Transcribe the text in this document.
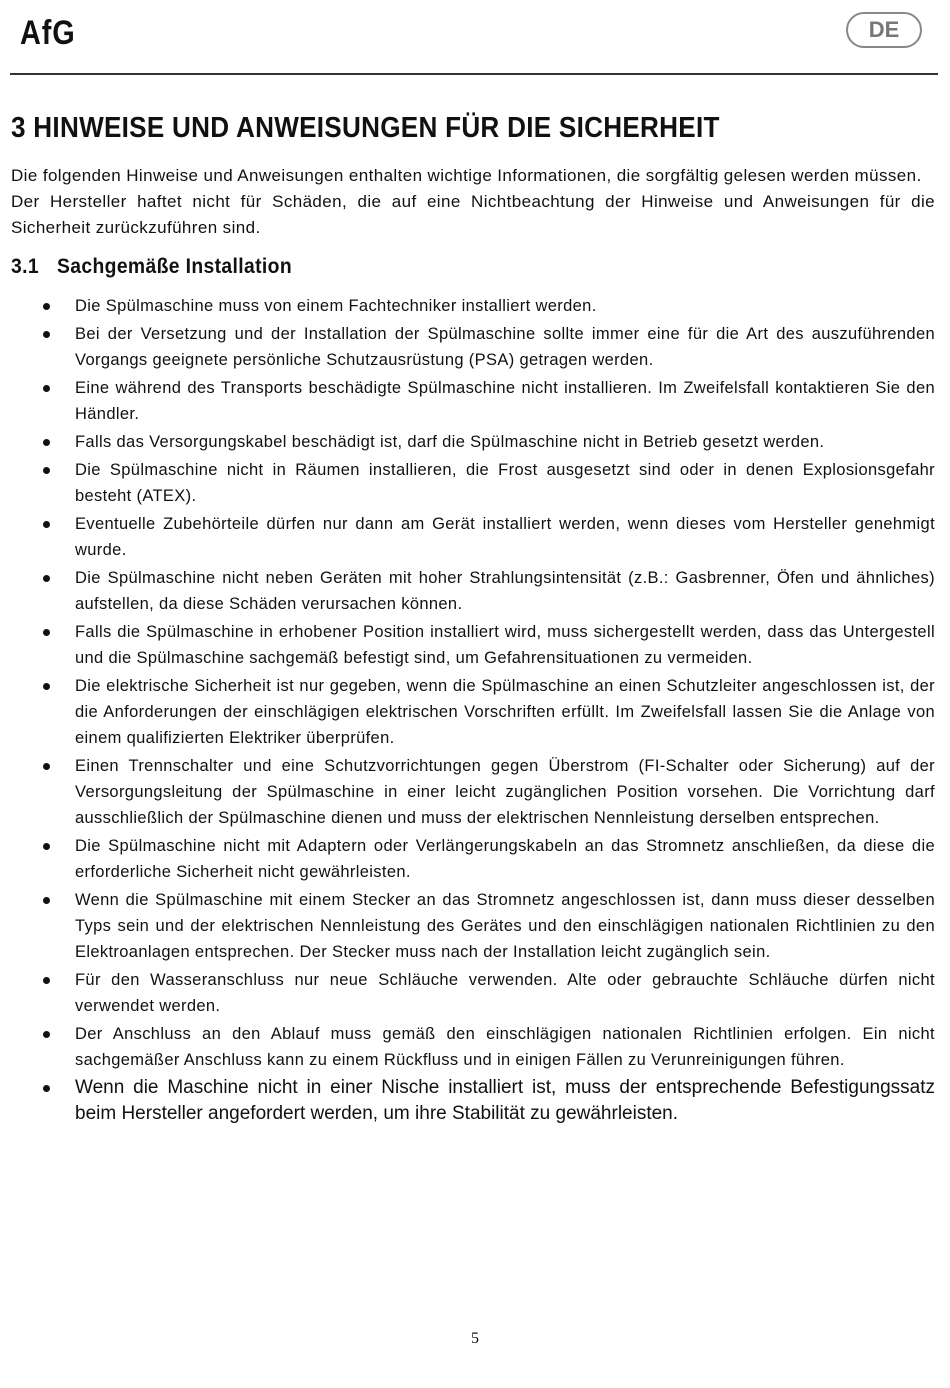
AfG	DE
3 HINWEISE UND ANWEISUNGEN FÜR DIE SICHERHEIT

Die folgenden Hinweise und Anweisungen enthalten wichtige Informationen, die sorgfältig gelesen werden müssen.

Der Hersteller haftet nicht für Schäden, die auf eine Nichtbeachtung der Hinweise und Anweisungen für die Sicherheit zurückzuführen sind.

3.1 Sachgemäße Installation
Die Spülmaschine muss von einem Fachtechniker installiert werden.
Bei der Versetzung und der Installation der Spülmaschine sollte immer eine für die Art des auszuführenden Vorgangs geeignete persönliche Schutzausrüstung (PSA) getragen werden.
Eine während des Transports beschädigte Spülmaschine nicht installieren. Im Zweifelsfall kontaktieren Sie den Händler.
Falls das Versorgungskabel beschädigt ist, darf die Spülmaschine nicht in Betrieb gesetzt werden.
Die Spülmaschine nicht in Räumen installieren, die Frost ausgesetzt sind oder in denen Explosionsgefahr besteht (ATEX).
Eventuelle Zubehörteile dürfen nur dann am Gerät installiert werden, wenn dieses vom Hersteller genehmigt wurde.
Die Spülmaschine nicht neben Geräten mit hoher Strahlungsintensität (z.B.: Gasbrenner, Öfen und ähnliches) aufstellen, da diese Schäden verursachen können.
Falls die Spülmaschine in erhobener Position installiert wird, muss sichergestellt werden, dass das Untergestell und die Spülmaschine sachgemäß befestigt sind, um Gefahrensituationen zu vermeiden.
Die elektrische Sicherheit ist nur gegeben, wenn die Spülmaschine an einen Schutzleiter angeschlossen ist, der die Anforderungen der einschlägigen elektrischen Vorschriften erfüllt. Im Zweifelsfall lassen Sie die Anlage von einem qualifizierten Elektriker überprüfen.
Einen Trennschalter und eine Schutzvorrichtungen gegen Überstrom (FI-Schalter oder Sicherung) auf der Versorgungsleitung der Spülmaschine in einer leicht zugänglichen Position vorsehen. Die Vorrichtung darf ausschließlich der Spülmaschine dienen und muss der elektrischen Nennleistung derselben entsprechen.
Die Spülmaschine nicht mit Adaptern oder Verlängerungskabeln an das Stromnetz anschließen, da diese die erforderliche Sicherheit nicht gewährleisten.
Wenn die Spülmaschine mit einem Stecker an das Stromnetz angeschlossen ist, dann muss dieser desselben Typs sein und der elektrischen Nennleistung des Gerätes und den einschlägigen nationalen Richtlinien zu den Elektroanlagen entsprechen. Der Stecker muss nach der Installation leicht zugänglich sein.
Für den Wasseranschluss nur neue Schläuche verwenden. Alte oder gebrauchte Schläuche dürfen nicht verwendet werden.
Der Anschluss an den Ablauf muss gemäß den einschlägigen nationalen Richtlinien erfolgen. Ein nicht sachgemäßer Anschluss kann zu einem Rückfluss und in einigen Fällen zu Verunreinigungen führen.
Wenn die Maschine nicht in einer Nische installiert ist, muss der entsprechende Befestigungssatz beim Hersteller angefordert werden, um ihre Stabilität zu gewährleisten.
5
